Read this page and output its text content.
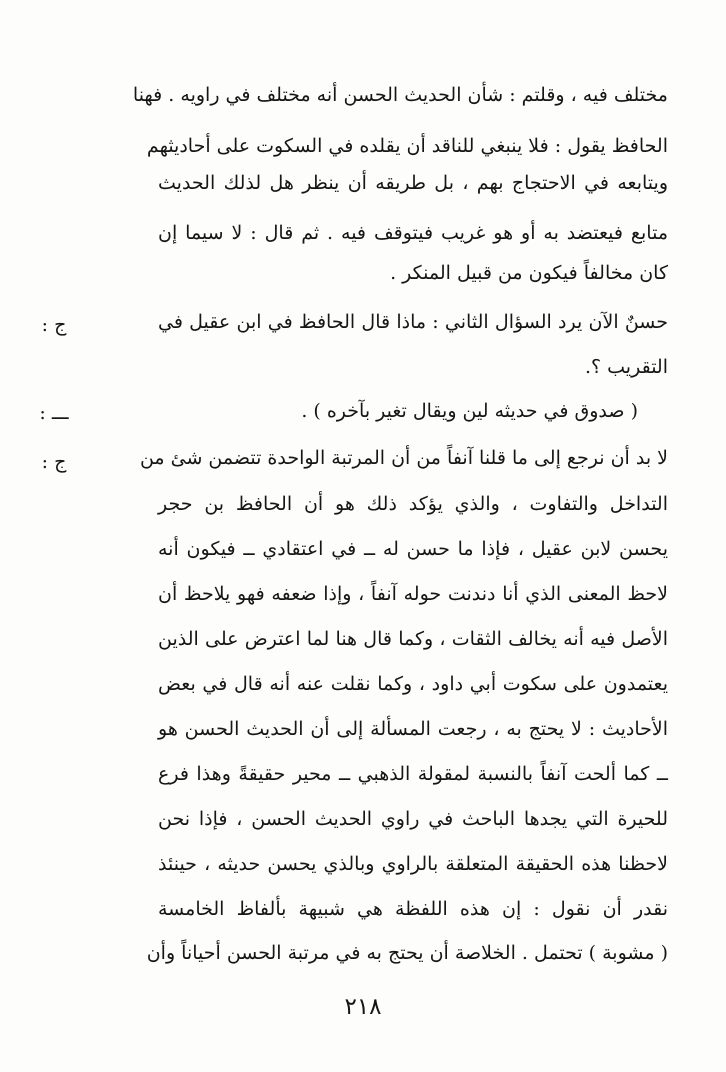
مختلف فيه ، وقلتم : شأن الحديث الحسن أنه مختلف في راويه . فهنا
الحافظ يقول : فلا ينبغي للناقد أن يقلده في السكوت على أحاديثهم
ويتابعه في الاحتجاج بهم ، بل طريقه أن ينظر هل لذلك الحديث
متابع فيعتضد به أو هو غريب فيتوقف فيه . ثم قال : لا سيما إن
كان مخالفاً فيكون من قبيل المنكر .
ج :	حسنٌ الآن يرد السؤال الثاني : ماذا قال الحافظ في ابن عقيل في
التقريب ؟.
ـــ :	( صدوق في حديثه لين ويقال تغير بآخره ) .
ج :	لا بد أن نرجع إلى ما قلنا آنفاً من أن المرتبة الواحدة تتضمن شئ من
التداخل والتفاوت ، والذي يؤكد ذلك هو أن الحافظ بن حجر
يحسن لابن عقيل ، فإذا ما حسن له ــ في اعتقادي ــ فيكون أنه
لاحظ المعنى الذي أنا دندنت حوله آنفاً ، وإذا ضعفه فهو يلاحظ أن
الأصل فيه أنه يخالف الثقات ، وكما قال هنا لما اعترض على الذين
يعتمدون على سكوت أبي داود ، وكما نقلت عنه أنه قال في بعض
الأحاديث : لا يحتج به ، رجعت المسألة إلى أن الحديث الحسن هو
ــ كما ألحت آنفاً بالنسبة لمقولة الذهبي ــ محير حقيقةً وهذا فرع
للحيرة التي يجدها الباحث في راوي الحديث الحسن ، فإذا نحن
لاحظنا هذه الحقيقة المتعلقة بالراوي وبالذي يحسن حديثه ، حينئذ
نقدر أن نقول : إن هذه اللفظة هي شبيهة بألفاظ الخامسة
( مشوبة ) تحتمل . الخلاصة أن يحتج به في مرتبة الحسن أحياناً وأن
٢١٨
